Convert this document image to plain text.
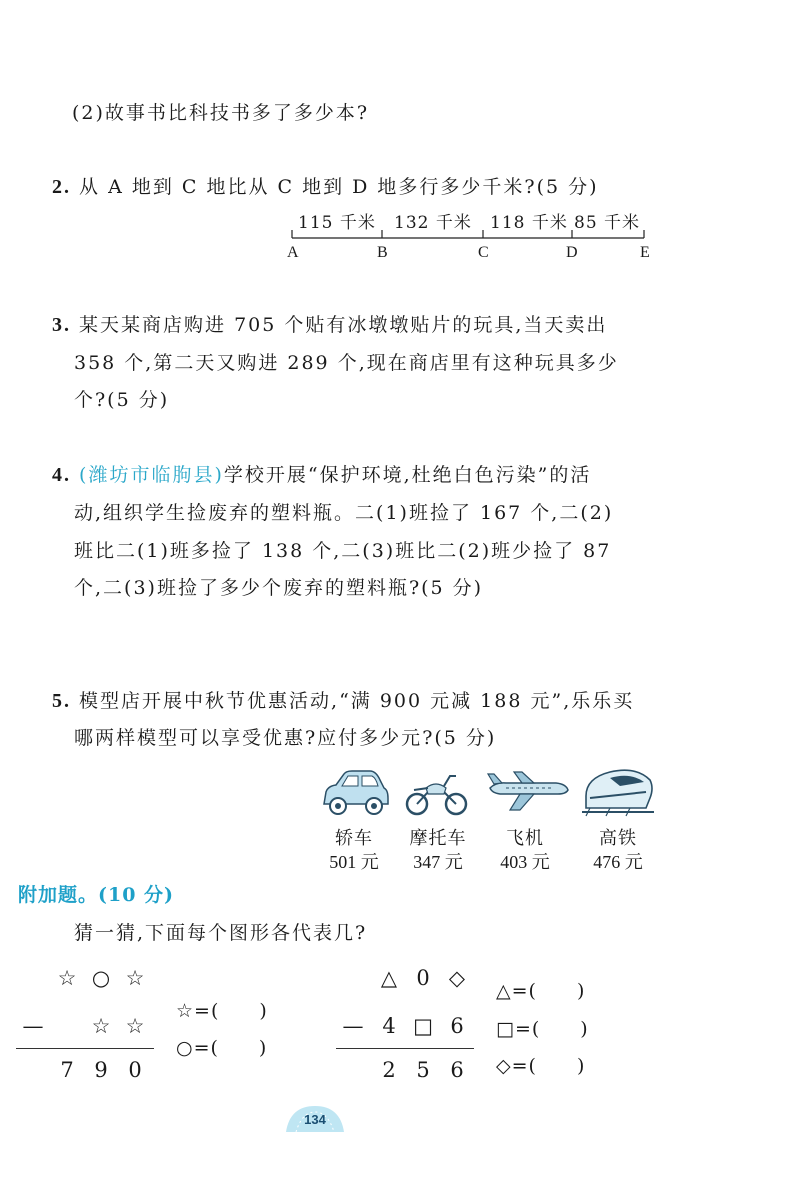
(2)故事书比科技书多了多少本?
2. 从 A 地到 C 地比从 C 地到 D 地多行多少千米?(5 分)
115 千米 132 千米 118 千米 85 千米
A	B	C	D	E
3. 某天某商店购进 705 个贴有冰墩墩贴片的玩具,当天卖出
358 个,第二天又购进 289 个,现在商店里有这种玩具多少
个?(5 分)
4. (潍坊市临朐县)学校开展“保护环境,杜绝白色污染”的活
动,组织学生捡废弃的塑料瓶。二(1)班捡了 167 个,二(2)
班比二(1)班多捡了 138 个,二(3)班比二(2)班少捡了 87
个,二(3)班捡了多少个废弃的塑料瓶?(5 分)
5. 模型店开展中秋节优惠活动,“满 900 元减 188 元”,乐乐买
哪两样模型可以享受优惠?应付多少元?(5 分)
轿车	摩托车	飞机	高铁
501 元	347 元	403 元	476 元
附加题。(10 分)
猜一猜,下面每个图形各代表几?
☆ ○ ☆
— ☆ ☆
7 9 0
☆=(　　)
○=(　　)
△ 0 ◇
— 4 □ 6
2 5 6
△=(　　)
□=(　　)
◇=(　　)
134
